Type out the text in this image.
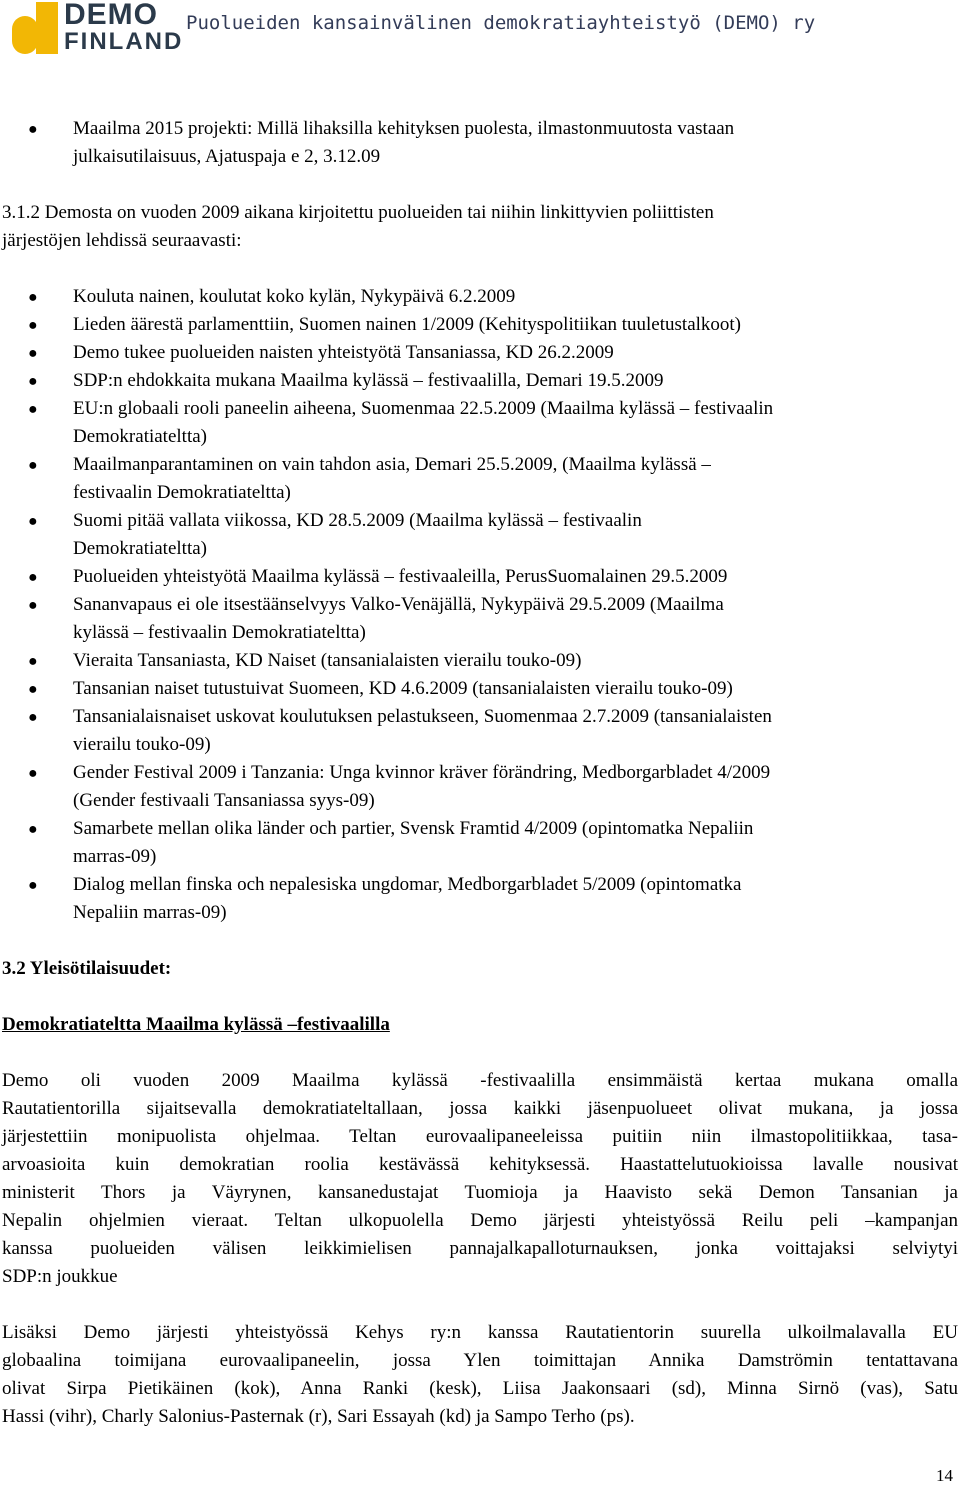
DEMO
FINLAND
Puolueiden kansainvälinen demokratiayhteistyö (DEMO) ry
● Maailma 2015 projekti: Millä lihaksilla kehityksen puolesta, ilmastonmuutosta vastaan
julkaisutilaisuus, Ajatuspaja e 2, 3.12.09
3.1.2 Demosta on vuoden 2009 aikana kirjoitettu puolueiden tai niihin linkittyvien poliittisten
järjestöjen lehdissä seuraavasti:
● Kouluta nainen, koulutat koko kylän, Nykypäivä 6.2.2009
● Lieden äärestä parlamenttiin, Suomen nainen 1/2009 (Kehityspolitiikan tuuletustalkoot)
● Demo tukee puolueiden naisten yhteistyötä Tansaniassa, KD 26.2.2009
● SDP:n ehdokkaita mukana Maailma kylässä – festivaalilla, Demari 19.5.2009
● EU:n globaali rooli paneelin aiheena, Suomenmaa 22.5.2009 (Maailma kylässä – festivaalin
Demokratiateltta)
● Maailmanparantaminen on vain tahdon asia, Demari 25.5.2009, (Maailma kylässä –
festivaalin Demokratiateltta)
● Suomi pitää vallata viikossa, KD 28.5.2009 (Maailma kylässä – festivaalin
Demokratiateltta)
● Puolueiden yhteistyötä Maailma kylässä – festivaaleilla, PerusSuomalainen 29.5.2009
● Sananvapaus ei ole itsestäänselvyys Valko-Venäjällä, Nykypäivä 29.5.2009 (Maailma
kylässä – festivaalin Demokratiateltta)
● Vieraita Tansaniasta, KD Naiset (tansanialaisten vierailu touko-09)
● Tansanian naiset tutustuivat Suomeen, KD 4.6.2009 (tansanialaisten vierailu touko-09)
● Tansanialaisnaiset uskovat koulutuksen pelastukseen, Suomenmaa 2.7.2009 (tansanialaisten
vierailu touko-09)
● Gender Festival 2009 i Tanzania: Unga kvinnor kräver förändring, Medborgarbladet 4/2009
(Gender festivaali Tansaniassa syys-09)
● Samarbete mellan olika länder och partier, Svensk Framtid 4/2009 (opintomatka Nepaliin
marras-09)
● Dialog mellan finska och nepalesiska ungdomar, Medborgarbladet 5/2009 (opintomatka
Nepaliin marras-09)
3.2 Yleisötilaisuudet:
Demokratiateltta Maailma kylässä –festivaalilla
Demo oli vuoden 2009 Maailma kylässä -festivaalilla ensimmäistä kertaa mukana omalla
Rautatientorilla sijaitsevalla demokratiateltallaan, jossa kaikki jäsenpuolueet olivat mukana, ja jossa
järjestettiin monipuolista ohjelmaa. Teltan eurovaalipaneeleissa puitiin niin ilmastopolitiikkaa, tasa-
arvoasioita kuin demokratian roolia kestävässä kehityksessä. Haastattelutuokioissa lavalle nousivat
ministerit Thors ja Väyrynen, kansanedustajat Tuomioja ja Haavisto sekä Demon Tansanian ja
Nepalin ohjelmien vieraat. Teltan ulkopuolella Demo järjesti yhteistyössä Reilu peli –kampanjan
kanssa puolueiden välisen leikkimielisen pannajalkapalloturnauksen, jonka voittajaksi selviytyi
SDP:n joukkue
Lisäksi Demo järjesti yhteistyössä Kehys ry:n kanssa Rautatientorin suurella ulkoilmalavalla EU
globaalina toimijana eurovaalipaneelin, jossa Ylen toimittajan Annika Damströmin tentattavana
olivat Sirpa Pietikäinen (kok), Anna Ranki (kesk), Liisa Jaakonsaari (sd), Minna Sirnö (vas), Satu
Hassi (vihr), Charly Salonius-Pasternak (r), Sari Essayah (kd) ja Sampo Terho (ps).
14
